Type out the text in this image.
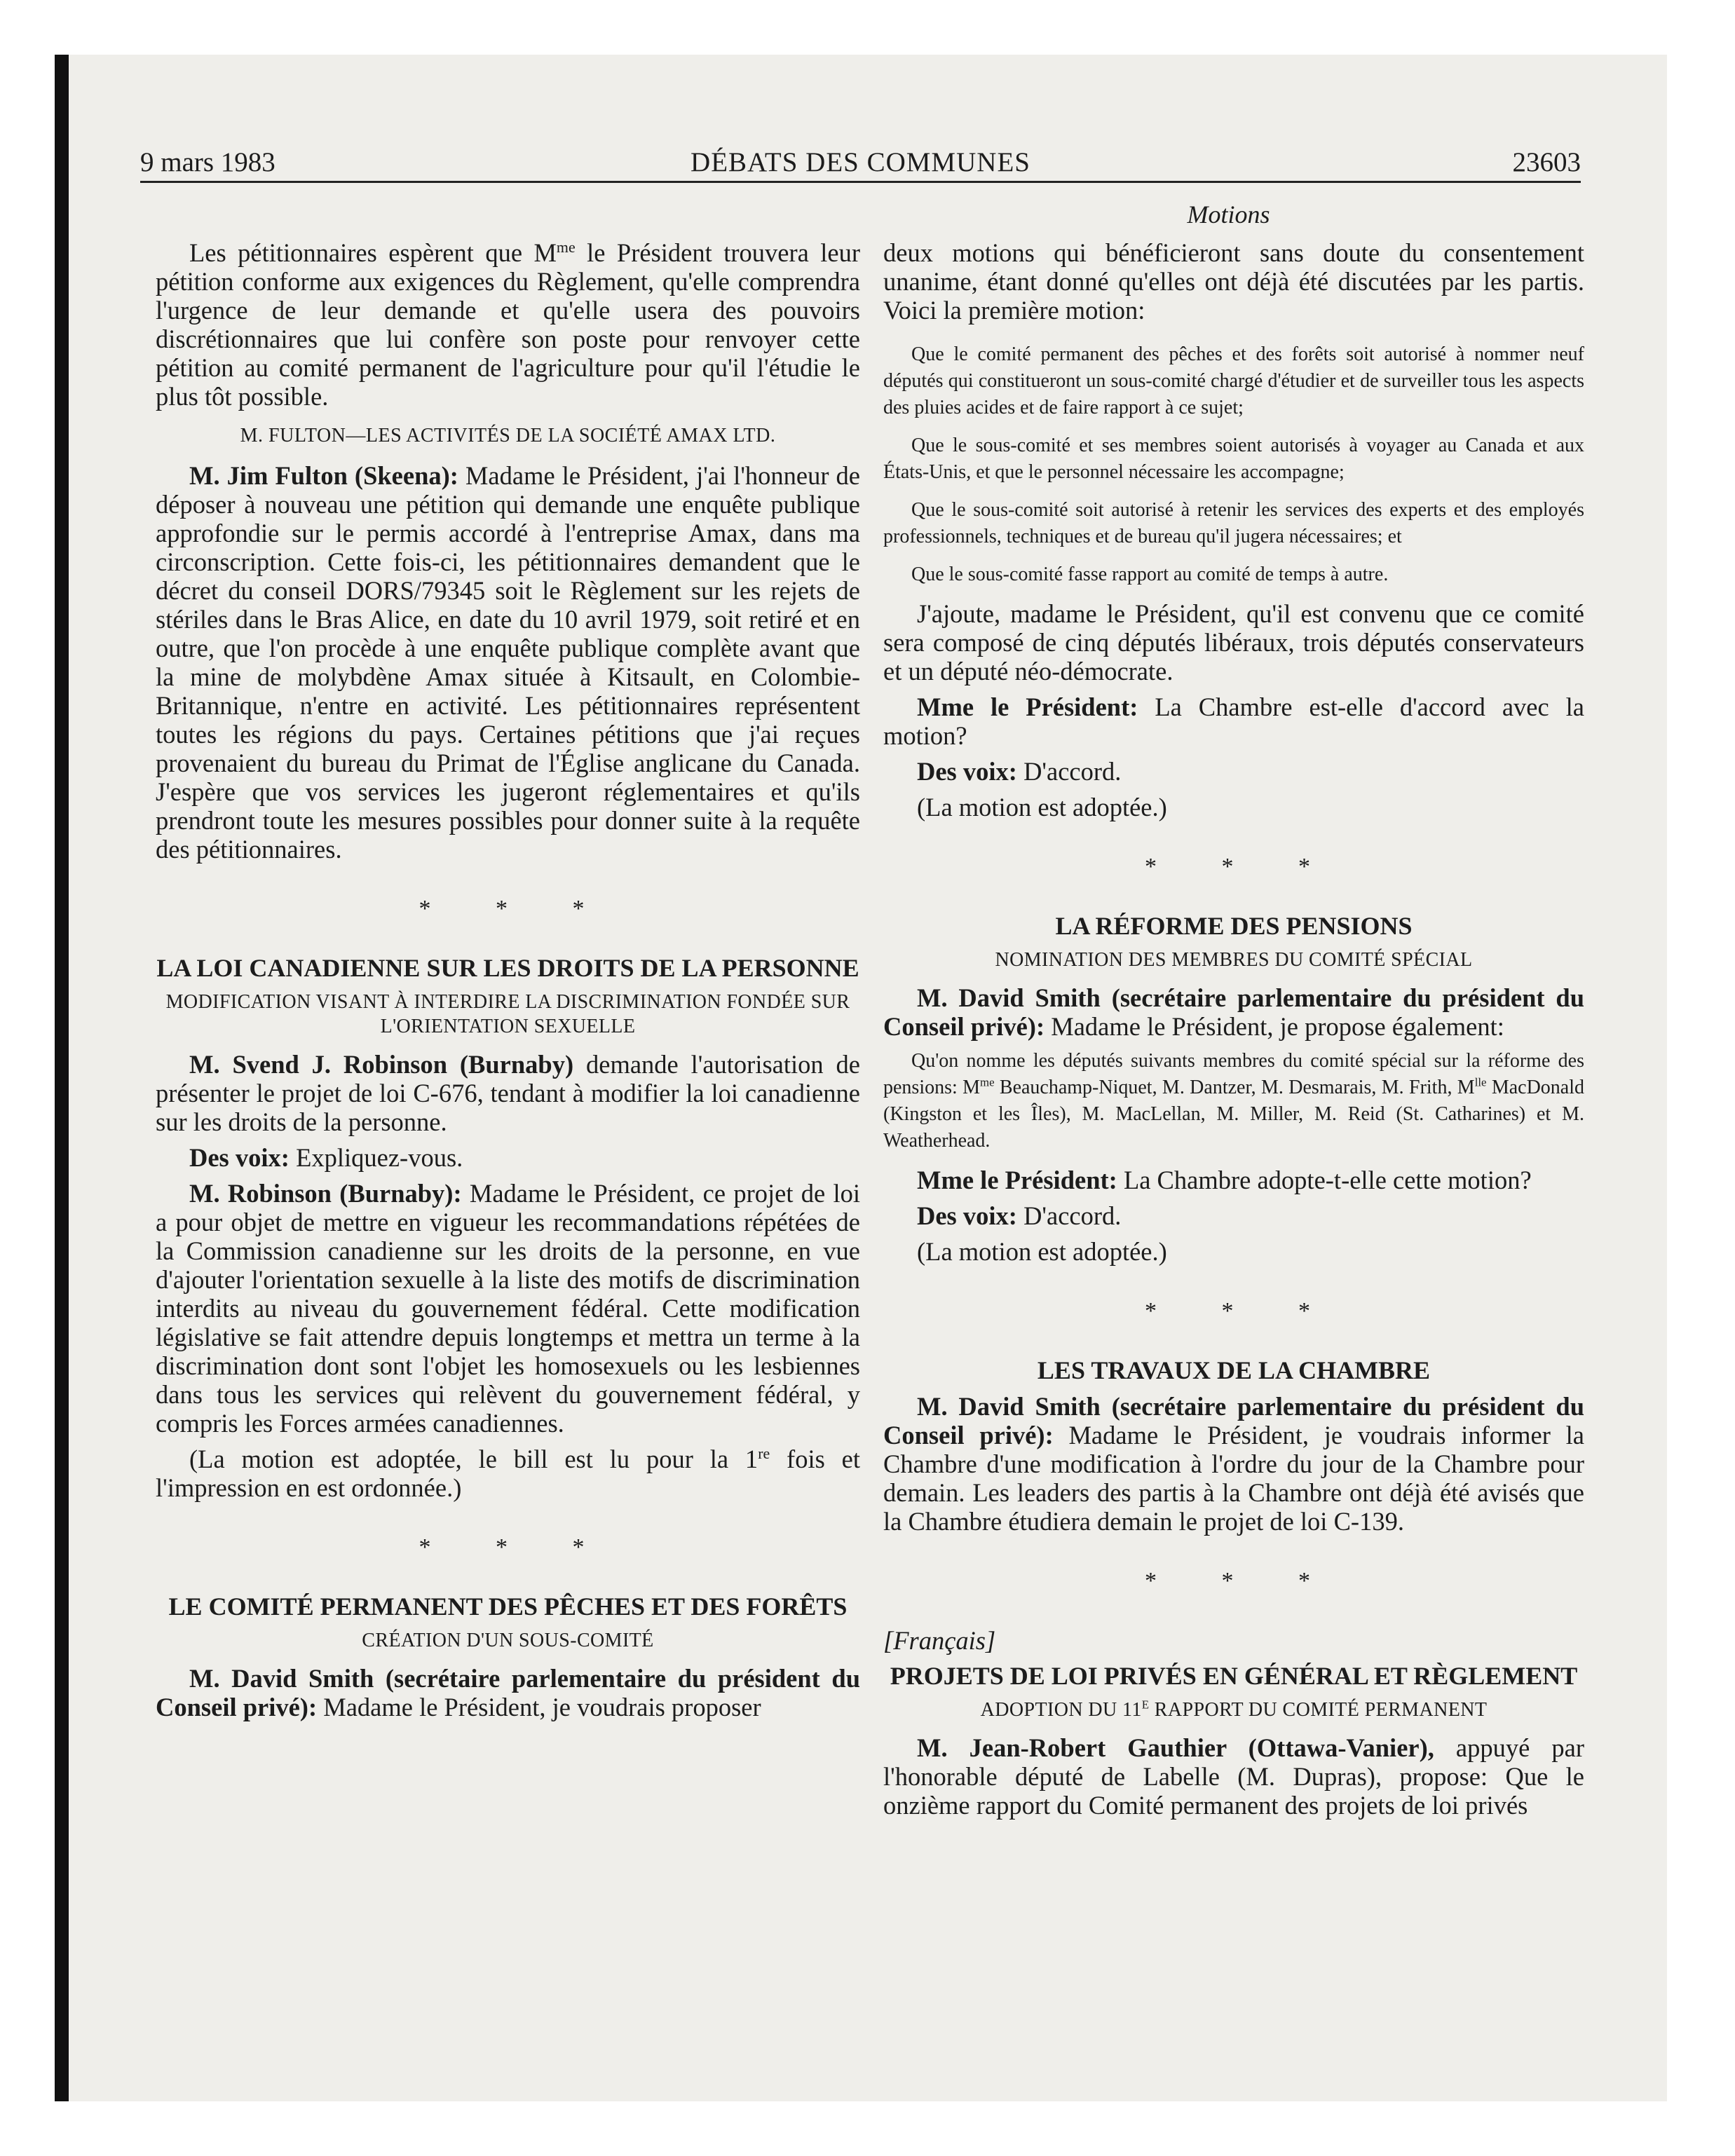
9 mars 1983	DÉBATS DES COMMUNES	23603
Motions

Les pétitionnaires espèrent que $M^{me}$ le Président trouvera leur pétition conforme aux exigences du Règlement, qu'elle comprendra l'urgence de leur demande et qu'elle usera des pouvoirs discrétionnaires que lui confère son poste pour renvoyer cette pétition au comité permanent de l'agriculture pour qu'il l'étudie le plus tôt possible.

M. FULTON—LES ACTIVITÉS DE LA SOCIÉTÉ AMAX LTD.

M. Jim Fulton (Skeena): Madame le Président, j'ai l'honneur de déposer à nouveau une pétition qui demande une enquête publique approfondie sur le permis accordé à l'entreprise Amax, dans ma circonscription. Cette fois-ci, les pétitionnaires demandent que le décret du conseil DORS/79345 soit le Règlement sur les rejets de stériles dans le Bras Alice, en date du 10 avril 1979, soit retiré et en outre, que l'on procède à une enquête publique complète avant que la mine de molybdène Amax située à Kitsault, en Colombie-Britannique, n'entre en activité. Les pétitionnaires représentent toutes les régions du pays. Certaines pétitions que j'ai reçues provenaient du bureau du Primat de l'Église anglicane du Canada. J'espère que vos services les jugeront réglementaires et qu'ils prendront toute les mesures possibles pour donner suite à la requête des pétitionnaires.

* * *
LA LOI CANADIENNE SUR LES DROITS DE LA PERSONNE
MODIFICATION VISANT À INTERDIRE LA DISCRIMINATION FONDÉE SUR L'ORIENTATION SEXUELLE

M. Svend J. Robinson (Burnaby) demande l'autorisation de présenter le projet de loi C-676, tendant à modifier la loi canadienne sur les droits de la personne.

Des voix: Expliquez-vous.

M. Robinson (Burnaby): Madame le Président, ce projet de loi a pour objet de mettre en vigueur les recommandations répétées de la Commission canadienne sur les droits de la personne, en vue d'ajouter l'orientation sexuelle à la liste des motifs de discrimination interdits au niveau du gouvernement fédéral. Cette modification législative se fait attendre depuis longtemps et mettra un terme à la discrimination dont sont l'objet les homosexuels ou les lesbiennes dans tous les services qui relèvent du gouvernement fédéral, y compris les Forces armées canadiennes.

(La motion est adoptée, le bill est lu pour la 1re fois et l'impression en est ordonnée.)

* * *
LE COMITÉ PERMANENT DES PÊCHES ET DES FORÊTS
CRÉATION D'UN SOUS-COMITÉ

M. David Smith (secrétaire parlementaire du président du Conseil privé): Madame le Président, je voudrais proposer

deux motions qui bénéficieront sans doute du consentement unanime, étant donné qu'elles ont déjà été discutées par les partis. Voici la première motion:

Que le comité permanent des pêches et des forêts soit autorisé à nommer neuf députés qui constitueront un sous-comité chargé d'étudier et de surveiller tous les aspects des pluies acides et de faire rapport à ce sujet;

Que le sous-comité et ses membres soient autorisés à voyager au Canada et aux États-Unis, et que le personnel nécessaire les accompagne;

Que le sous-comité soit autorisé à retenir les services des experts et des employés professionnels, techniques et de bureau qu'il jugera nécessaires; et

Que le sous-comité fasse rapport au comité de temps à autre.

J'ajoute, madame le Président, qu'il est convenu que ce comité sera composé de cinq députés libéraux, trois députés conservateurs et un député néo-démocrate.

Mme le Président: La Chambre est-elle d'accord avec la motion?

Des voix: D'accord.

(La motion est adoptée.)

* * *
LA RÉFORME DES PENSIONS
NOMINATION DES MEMBRES DU COMITÉ SPÉCIAL

M. David Smith (secrétaire parlementaire du président du Conseil privé): Madame le Président, je propose également:

Qu'on nomme les députés suivants membres du comité spécial sur la réforme des pensions: $M^{me}$ Beauchamp-Niquet, M. Dantzer, M. Desmarais, M. Frith, $M^{lle}$ MacDonald (Kingston et les Îles), M. MacLellan, M. Miller, M. Reid (St. Catharines) et M. Weatherhead.

Mme le Président: La Chambre adopte-t-elle cette motion?

Des voix: D'accord.

(La motion est adoptée.)

* * *
LES TRAVAUX DE LA CHAMBRE

M. David Smith (secrétaire parlementaire du président du Conseil privé): Madame le Président, je voudrais informer la Chambre d'une modification à l'ordre du jour de la Chambre pour demain. Les leaders des partis à la Chambre ont déjà été avisés que la Chambre étudiera demain le projet de loi C-139.

* * *

[Français]

PROJETS DE LOI PRIVÉS EN GÉNÉRAL ET RÈGLEMENT
ADOPTION DU $11^E$ RAPPORT DU COMITÉ PERMANENT

M. Jean-Robert Gauthier (Ottawa-Vanier), appuyé par l'honorable député de Labelle (M. Dupras), propose: Que le onzième rapport du Comité permanent des projets de loi privés
